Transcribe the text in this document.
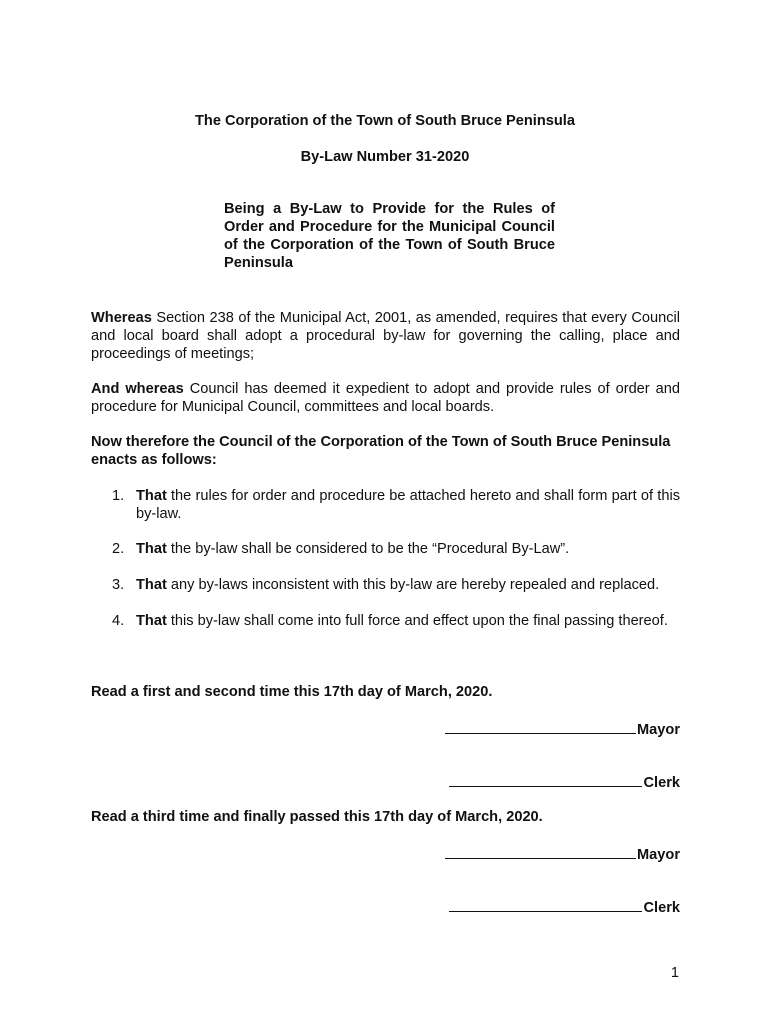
The Corporation of the Town of South Bruce Peninsula
By-Law Number 31-2020
Being a By-Law to Provide for the Rules of Order and Procedure for the Municipal Council of the Corporation of the Town of South Bruce Peninsula
Whereas Section 238 of the Municipal Act, 2001, as amended, requires that every Council and local board shall adopt a procedural by-law for governing the calling, place and proceedings of meetings;
And whereas Council has deemed it expedient to adopt and provide rules of order and procedure for Municipal Council, committees and local boards.
Now therefore the Council of the Corporation of the Town of South Bruce Peninsula enacts as follows:
1. That the rules for order and procedure be attached hereto and shall form part of this by-law.
2. That the by-law shall be considered to be the “Procedural By-Law”.
3. That any by-laws inconsistent with this by-law are hereby repealed and replaced.
4. That this by-law shall come into full force and effect upon the final passing thereof.
Read a first and second time this 17th day of March, 2020.
Mayor
Clerk
Read a third time and finally passed this 17th day of March, 2020.
Mayor
Clerk
1
